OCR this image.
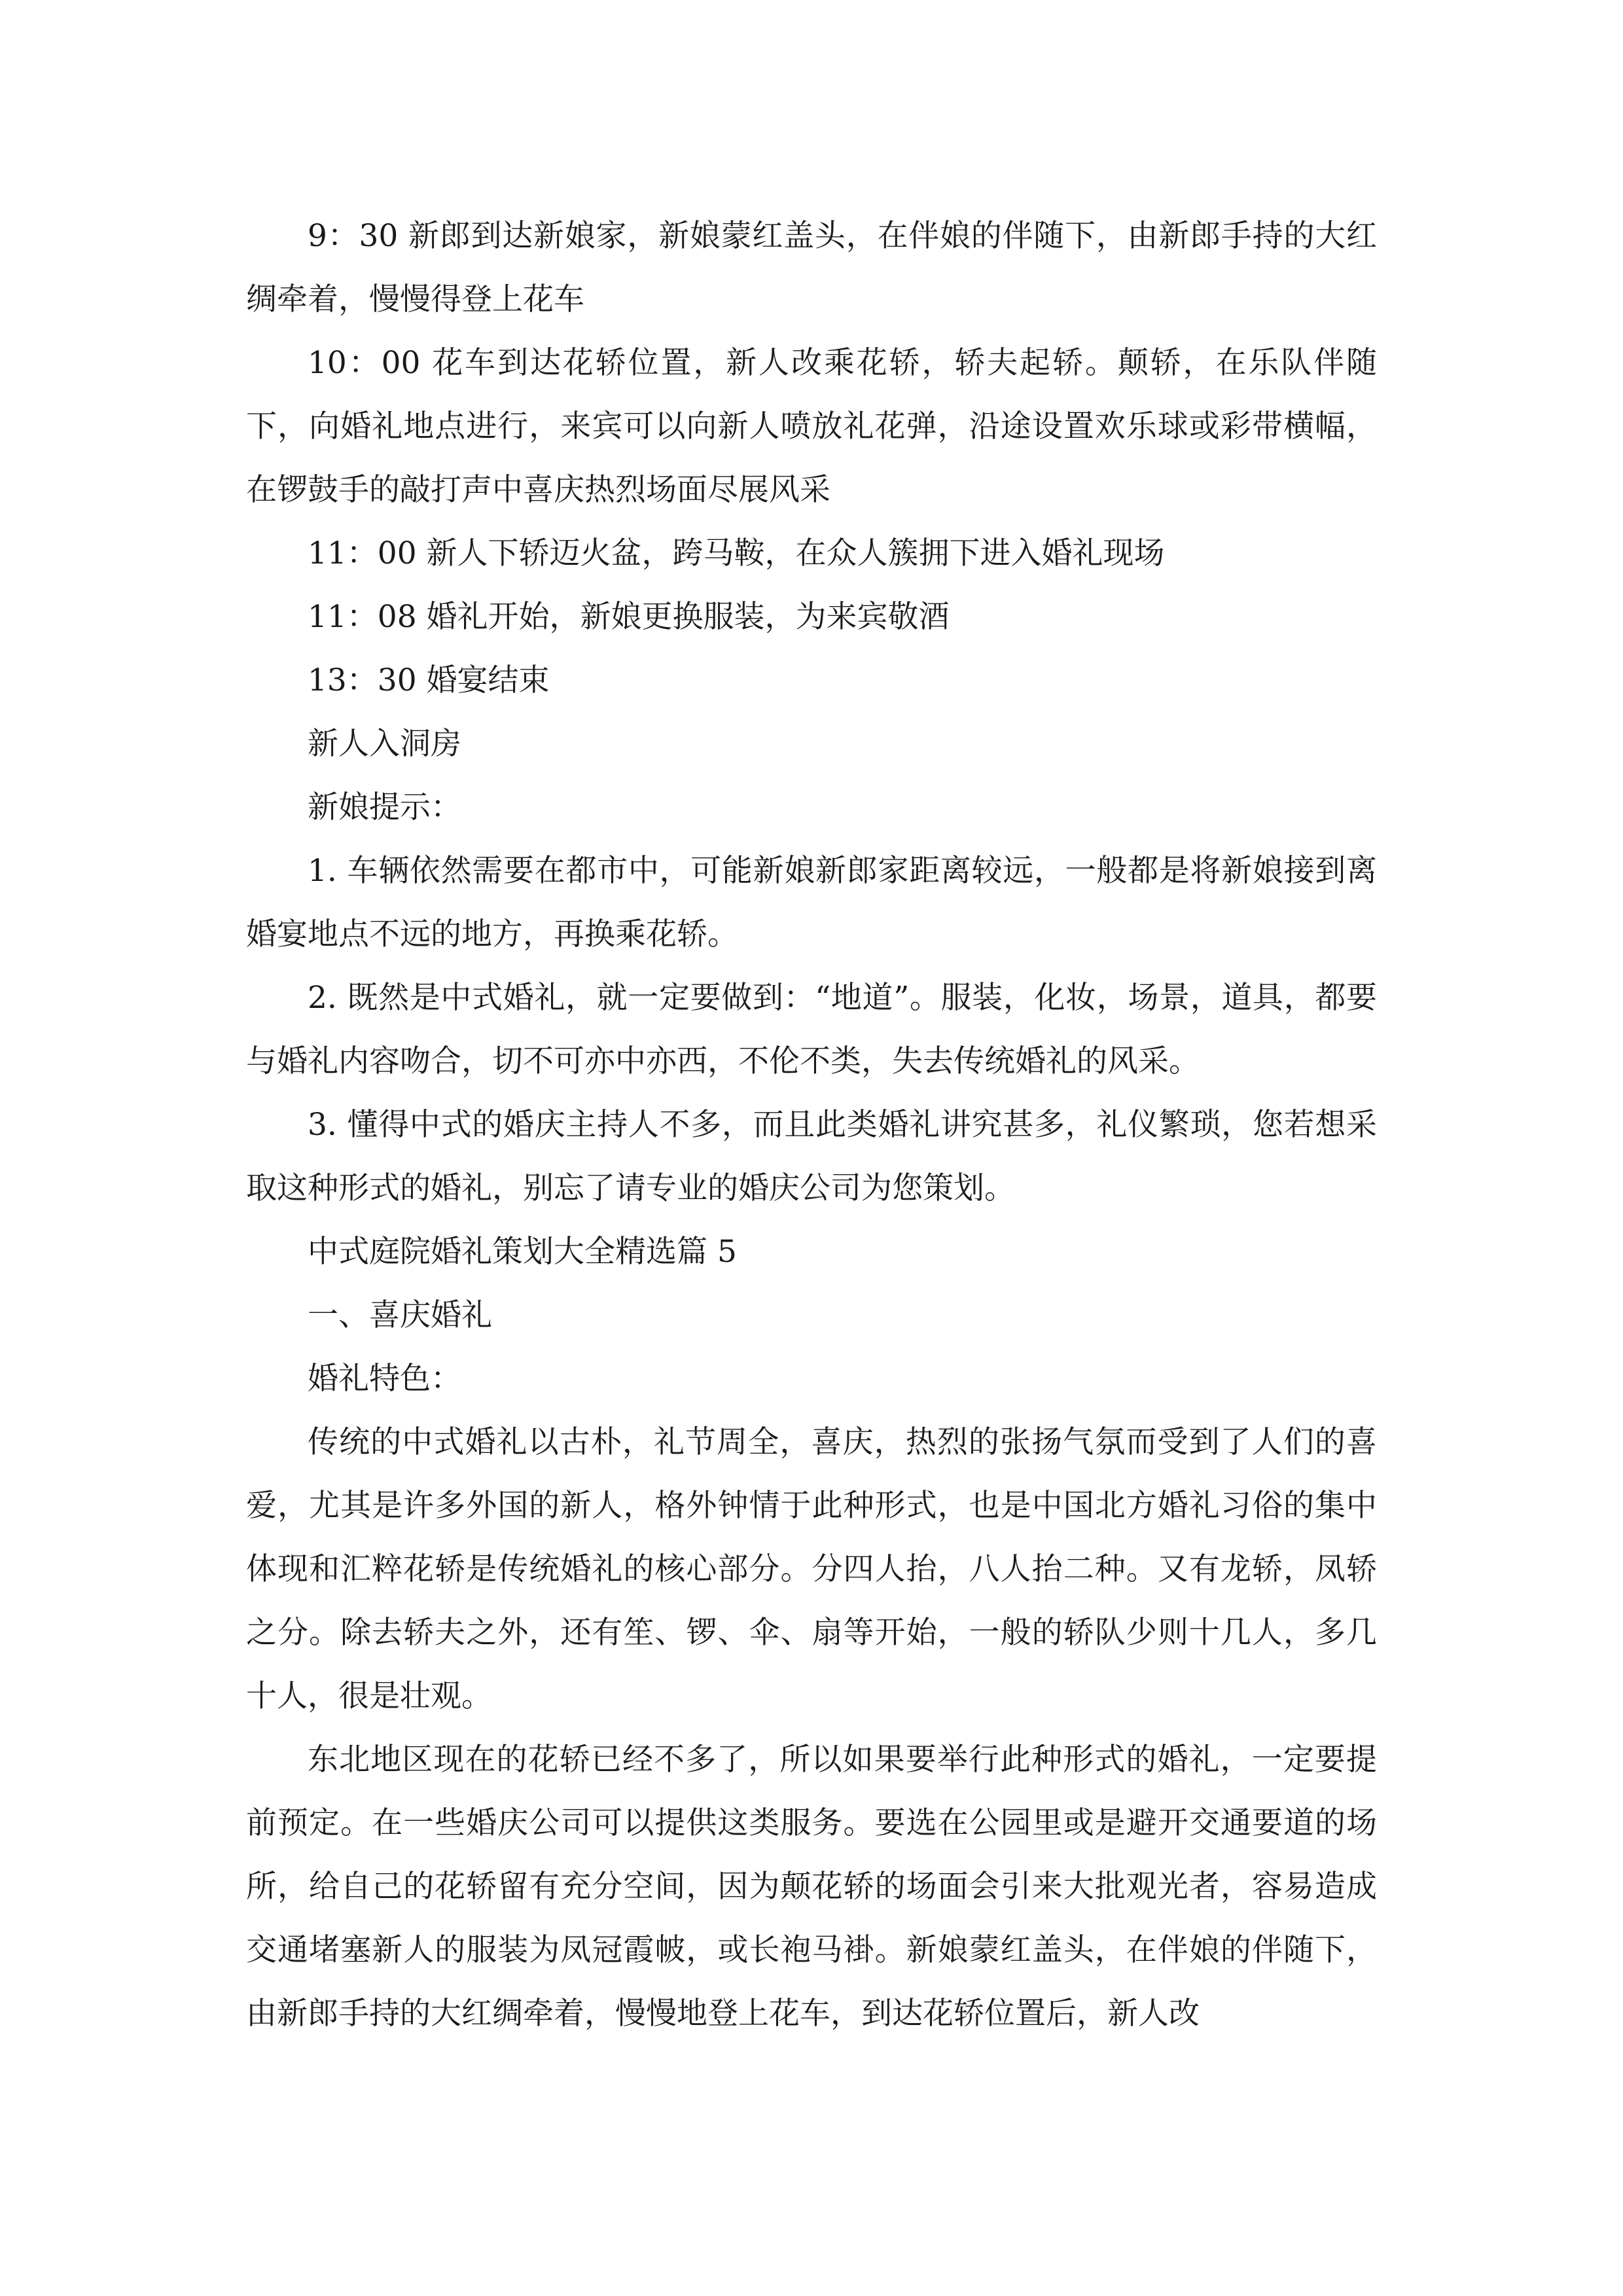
9：30 新郎到达新娘家，新娘蒙红盖头，在伴娘的伴随下，由新郎手持的大红绸牵着，慢慢得登上花车

10：00 花车到达花轿位置，新人改乘花轿，轿夫起轿。颠轿，在乐队伴随下，向婚礼地点进行，来宾可以向新人喷放礼花弹，沿途设置欢乐球或彩带横幅，在锣鼓手的敲打声中喜庆热烈场面尽展风采

11：00 新人下轿迈火盆，跨马鞍，在众人簇拥下进入婚礼现场

11：08 婚礼开始，新娘更换服装，为来宾敬酒

13：30 婚宴结束

新人入洞房

新娘提示：

1. 车辆依然需要在都市中，可能新娘新郎家距离较远，一般都是将新娘接到离婚宴地点不远的地方，再换乘花轿。

2. 既然是中式婚礼，就一定要做到：“地道”。服装，化妆，场景，道具，都要与婚礼内容吻合，切不可亦中亦西，不伦不类，失去传统婚礼的风采。

3. 懂得中式的婚庆主持人不多，而且此类婚礼讲究甚多，礼仪繁琐，您若想采取这种形式的婚礼，别忘了请专业的婚庆公司为您策划。

中式庭院婚礼策划大全精选篇 5

一、喜庆婚礼

婚礼特色：

传统的中式婚礼以古朴，礼节周全，喜庆，热烈的张扬气氛而受到了人们的喜爱，尤其是许多外国的新人，格外钟情于此种形式，也是中国北方婚礼习俗的集中体现和汇粹花轿是传统婚礼的核心部分。分四人抬，八人抬二种。又有龙轿，凤轿之分。除去轿夫之外，还有笙、锣、伞、扇等开始，一般的轿队少则十几人，多几十人，很是壮观。

东北地区现在的花轿已经不多了，所以如果要举行此种形式的婚礼，一定要提前预定。在一些婚庆公司可以提供这类服务。要选在公园里或是避开交通要道的场所，给自己的花轿留有充分空间，因为颠花轿的场面会引来大批观光者，容易造成交通堵塞新人的服装为凤冠霞帔，或长袍马褂。新娘蒙红盖头，在伴娘的伴随下，由新郎手持的大红绸牵着，慢慢地登上花车，到达花轿位置后，新人改
